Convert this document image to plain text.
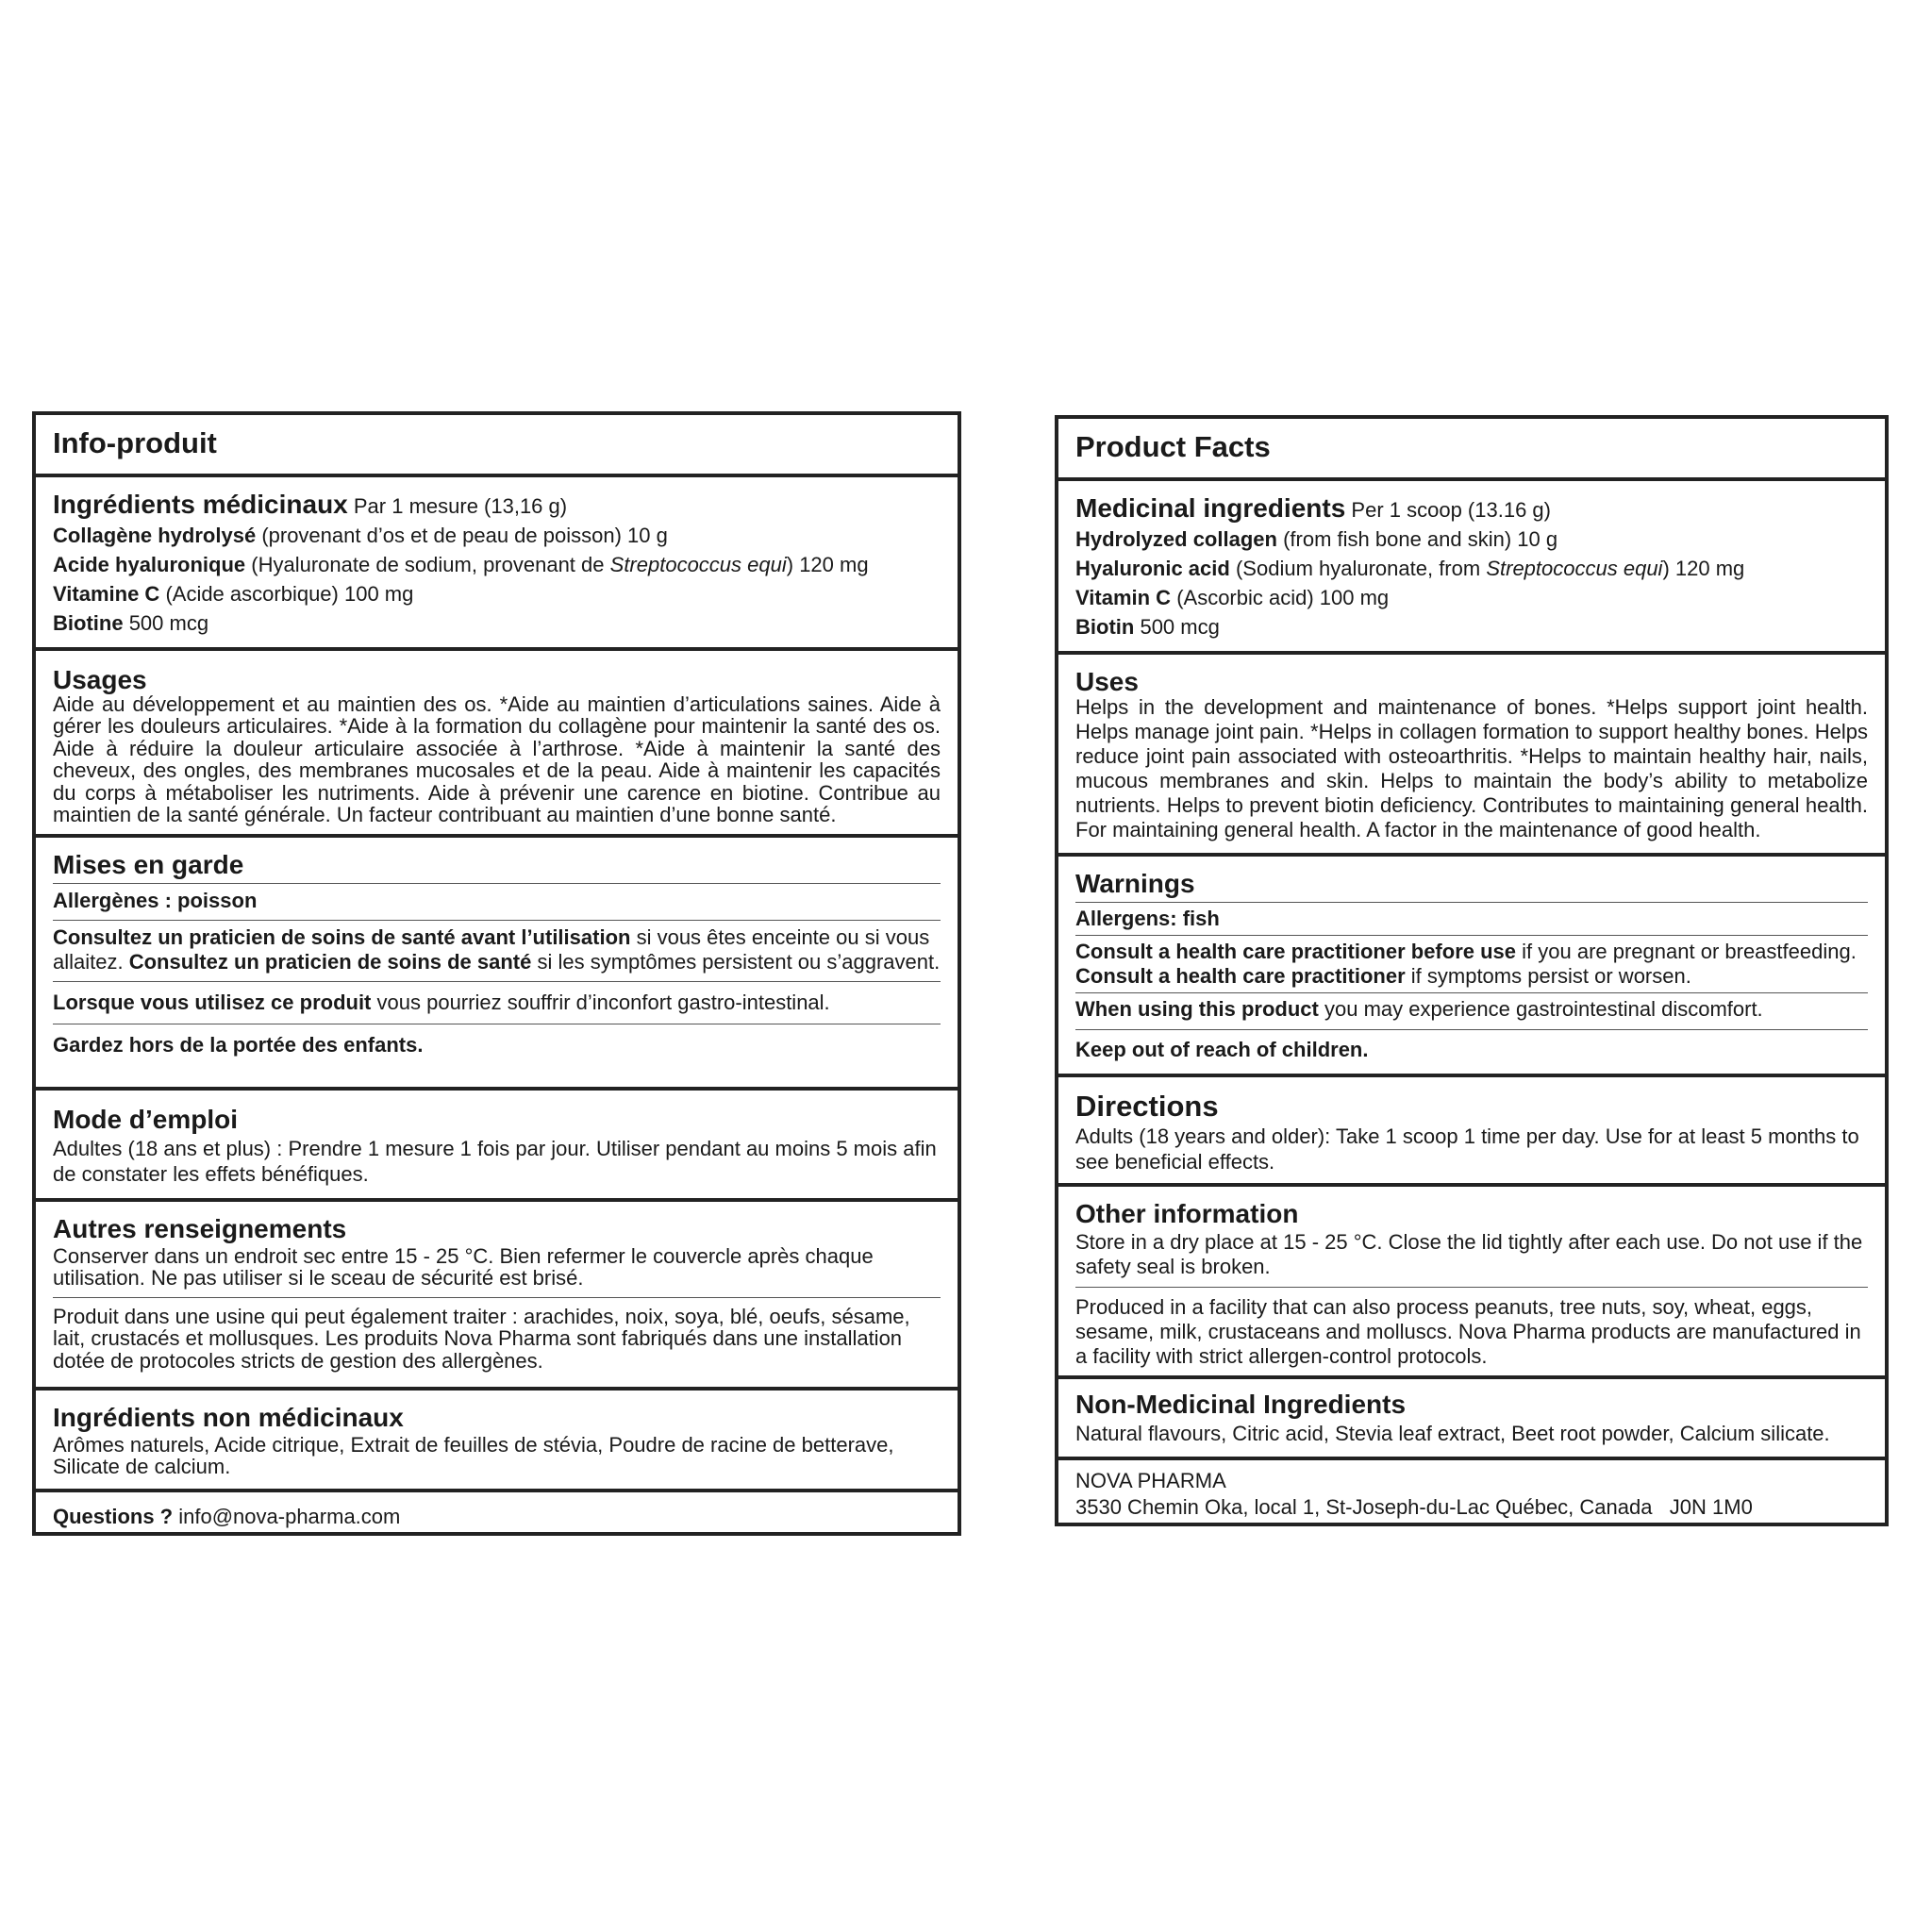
Info-produit
Ingrédients médicinaux Par 1 mesure (13,16 g)
Collagène hydrolysé (provenant d’os et de peau de poisson) 10 g
Acide hyaluronique (Hyaluronate de sodium, provenant de Streptococcus equi) 120 mg
Vitamine C (Acide ascorbique) 100 mg
Biotine 500 mcg
Usages
Aide au développement et au maintien des os. *Aide au maintien d’articulations saines. Aide à gérer les douleurs articulaires. *Aide à la formation du collagène pour maintenir la santé des os. Aide à réduire la douleur articulaire associée à l’arthrose. *Aide à maintenir la santé des cheveux, des ongles, des membranes mucosales et de la peau. Aide à maintenir les capacités du corps à métaboliser les nutriments. Aide à prévenir une carence en biotine. Contribue au maintien de la santé générale. Un facteur contribuant au maintien d’une bonne santé.
Mises en garde
Allergènes : poisson
Consultez un praticien de soins de santé avant l’utilisation si vous êtes enceinte ou si vous allaitez. Consultez un praticien de soins de santé si les symptômes persistent ou s’aggravent.
Lorsque vous utilisez ce produit vous pourriez souffrir d’inconfort gastro-intestinal.
Gardez hors de la portée des enfants.
Mode d’emploi
Adultes (18 ans et plus) : Prendre 1 mesure 1 fois par jour. Utiliser pendant au moins 5 mois afin de constater les effets bénéfiques.
Autres renseignements
Conserver dans un endroit sec entre 15 - 25 °C. Bien refermer le couvercle après chaque utilisation. Ne pas utiliser si le sceau de sécurité est brisé.
Produit dans une usine qui peut également traiter : arachides, noix, soya, blé, oeufs, sésame, lait, crustacés et mollusques. Les produits Nova Pharma sont fabriqués dans une installation dotée de protocoles stricts de gestion des allergènes.
Ingrédients non médicinaux
Arômes naturels, Acide citrique, Extrait de feuilles de stévia, Poudre de racine de betterave, Silicate de calcium.
Questions ? info@nova-pharma.com
Product Facts
Medicinal ingredients Per 1 scoop (13.16 g)
Hydrolyzed collagen (from fish bone and skin) 10 g
Hyaluronic acid (Sodium hyaluronate, from Streptococcus equi) 120 mg
Vitamin C (Ascorbic acid) 100 mg
Biotin 500 mcg
Uses
Helps in the development and maintenance of bones. *Helps support joint health. Helps manage joint pain. *Helps in collagen formation to support healthy bones. Helps reduce joint pain associated with osteoarthritis. *Helps to maintain healthy hair, nails, mucous membranes and skin. Helps to maintain the body’s ability to metabolize nutrients. Helps to prevent biotin deficiency. Contributes to maintaining general health. For maintaining general health. A factor in the maintenance of good health.
Warnings
Allergens: fish
Consult a health care practitioner before use if you are pregnant or breastfeeding. Consult a health care practitioner if symptoms persist or worsen.
When using this product you may experience gastrointestinal discomfort.
Keep out of reach of children.
Directions
Adults (18 years and older): Take 1 scoop 1 time per day. Use for at least 5 months to see beneficial effects.
Other information
Store in a dry place at 15 - 25 °C. Close the lid tightly after each use. Do not use if the safety seal is broken.
Produced in a facility that can also process peanuts, tree nuts, soy, wheat, eggs, sesame, milk, crustaceans and molluscs. Nova Pharma products are manufactured in a facility with strict allergen-control protocols.
Non-Medicinal Ingredients
Natural flavours, Citric acid, Stevia leaf extract, Beet root powder, Calcium silicate.
NOVA PHARMA
3530 Chemin Oka, local 1, St-Joseph-du-Lac Québec, Canada   J0N 1M0
